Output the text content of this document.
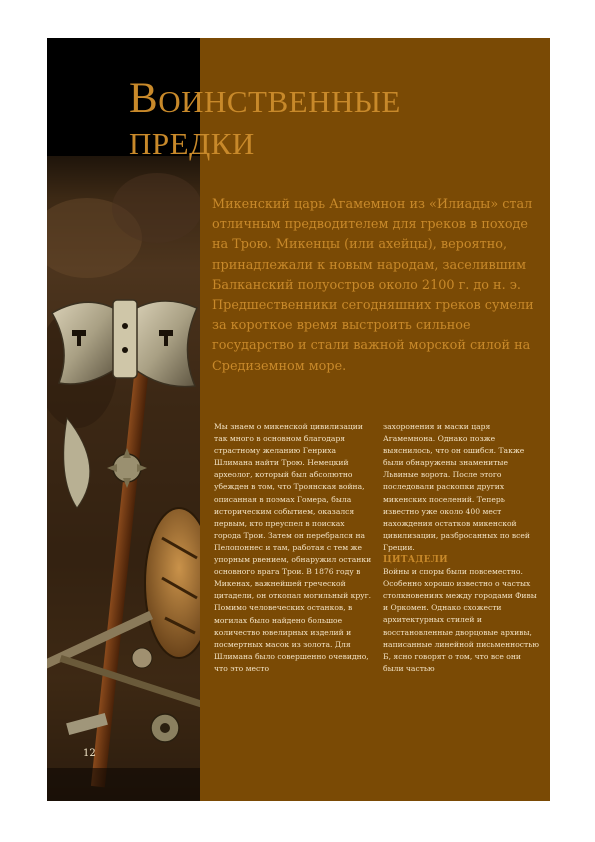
12
ВОИНСТВЕННЫЕ
ПРЕДКИ

Микенский царь Агамемнон из «Илиады» стал отличным предводителем для греков в походе на Трою. Микенцы (или ахейцы), вероятно, принадлежали к новым народам, заселившим Балканский полуостров около 2100 г. до н. э. Предшественники сегодняшних греков сумели за короткое время выстроить сильное государство и стали важной морской силой на Средиземном море.

Мы знаем о микенской цивилизации так много в основном благодаря страстному желанию Генриха Шлимана найти Трою. Немецкий археолог, который был абсолютно убежден в том, что Троянская война, описанная в поэмах Гомера, была историческим событием, оказался первым, кто преуспел в поисках города Трои. Затем он перебрался на Пелопоннес и там, работая с тем же упорным рвением, обнаружил останки основного врага Трои. В 1876 году в Микенах, важнейшей греческой цитадели, он откопал могильный круг. Помимо человеческих останков, в могилах было найдено большое количество ювелирных изделий и посмертных масок из золота. Для Шлимана было совершенно очевидно, что это место

захоронения и маски царя Агамемнона. Однако позже выяснилось, что он ошибся. Также были обнаружены знаменитые Львиные ворота. После этого последовали раскопки других микенских поселений. Теперь известно уже около 400 мест нахождения остатков микенской цивилизации, разбросанных по всей Греции.

ЦИТАДЕЛИ

Войны и споры были повсеместно. Особенно хорошо известно о частых столкновениях между городами Фивы и Оркомен. Однако схожести архитектурных стилей и восстановленные дворцовые архивы, написанные линейной письменностью Б, ясно говорят о том, что все они были частью
